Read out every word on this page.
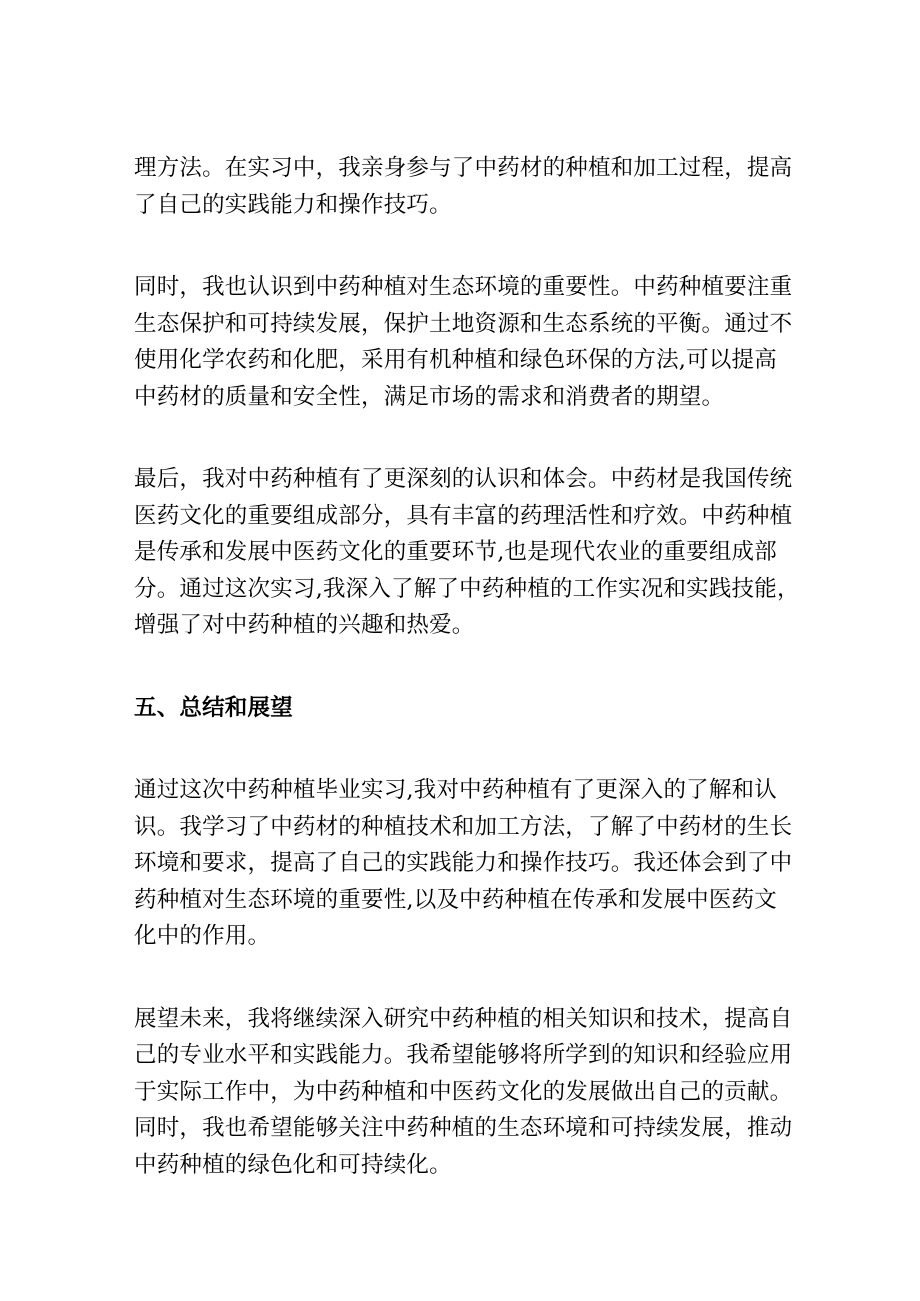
理方法。在实习中，我亲身参与了中药材的种植和加工过程，提高
了自己的实践能力和操作技巧。

同时，我也认识到中药种植对生态环境的重要性。中药种植要注重
生态保护和可持续发展，保护土地资源和生态系统的平衡。通过不
使用化学农药和化肥，采用有机种植和绿色环保的方法,可以提高
中药材的质量和安全性，满足市场的需求和消费者的期望。

最后，我对中药种植有了更深刻的认识和体会。中药材是我国传统
医药文化的重要组成部分，具有丰富的药理活性和疗效。中药种植
是传承和发展中医药文化的重要环节,也是现代农业的重要组成部
分。通过这次实习,我深入了解了中药种植的工作实况和实践技能，
增强了对中药种植的兴趣和热爱。

五、总结和展望

通过这次中药种植毕业实习,我对中药种植有了更深入的了解和认
识。我学习了中药材的种植技术和加工方法，了解了中药材的生长
环境和要求，提高了自己的实践能力和操作技巧。我还体会到了中
药种植对生态环境的重要性,以及中药种植在传承和发展中医药文
化中的作用。

展望未来，我将继续深入研究中药种植的相关知识和技术，提高自
己的专业水平和实践能力。我希望能够将所学到的知识和经验应用
于实际工作中，为中药种植和中医药文化的发展做出自己的贡献。
同时，我也希望能够关注中药种植的生态环境和可持续发展，推动
中药种植的绿色化和可持续化。
